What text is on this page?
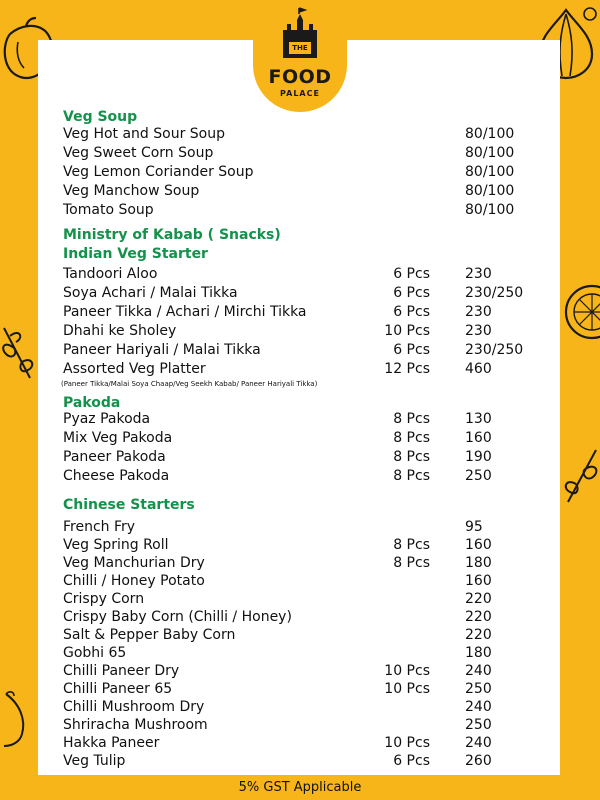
THE
FOOD
PALACE
Veg Soup
Veg Hot and Sour Soup	80/100
Veg Sweet Corn Soup	80/100
Veg Lemon Coriander Soup	80/100
Veg Manchow Soup	80/100
Tomato Soup	80/100
Ministry of Kabab ( Snacks)
Indian Veg Starter
Tandoori Aloo	6 Pcs	230
Soya Achari / Malai Tikka	6 Pcs	230/250
Paneer Tikka / Achari / Mirchi Tikka	6 Pcs	230
Dhahi ke Sholey	10 Pcs	230
Paneer Hariyali / Malai Tikka	6 Pcs	230/250
Assorted Veg Platter	12 Pcs	460
(Paneer Tikka/Malai Soya Chaap/Veg Seekh Kabab/ Paneer Hariyali Tikka)
Pakoda
Pyaz Pakoda	8 Pcs	130
Mix Veg Pakoda	8 Pcs	160
Paneer Pakoda	8 Pcs	190
Cheese Pakoda	8 Pcs	250
Chinese Starters
French Fry	95
Veg Spring Roll	8 Pcs	160
Veg Manchurian Dry	8 Pcs	180
Chilli / Honey Potato	160
Crispy Corn	220
Crispy Baby Corn (Chilli / Honey)	220
Salt & Pepper Baby Corn	220
Gobhi 65	180
Chilli Paneer Dry	10 Pcs	240
Chilli Paneer 65	10 Pcs	250
Chilli Mushroom Dry	240
Shriracha Mushroom	250
Hakka Paneer	10 Pcs	240
Veg Tulip	6 Pcs	260
5% GST Applicable
